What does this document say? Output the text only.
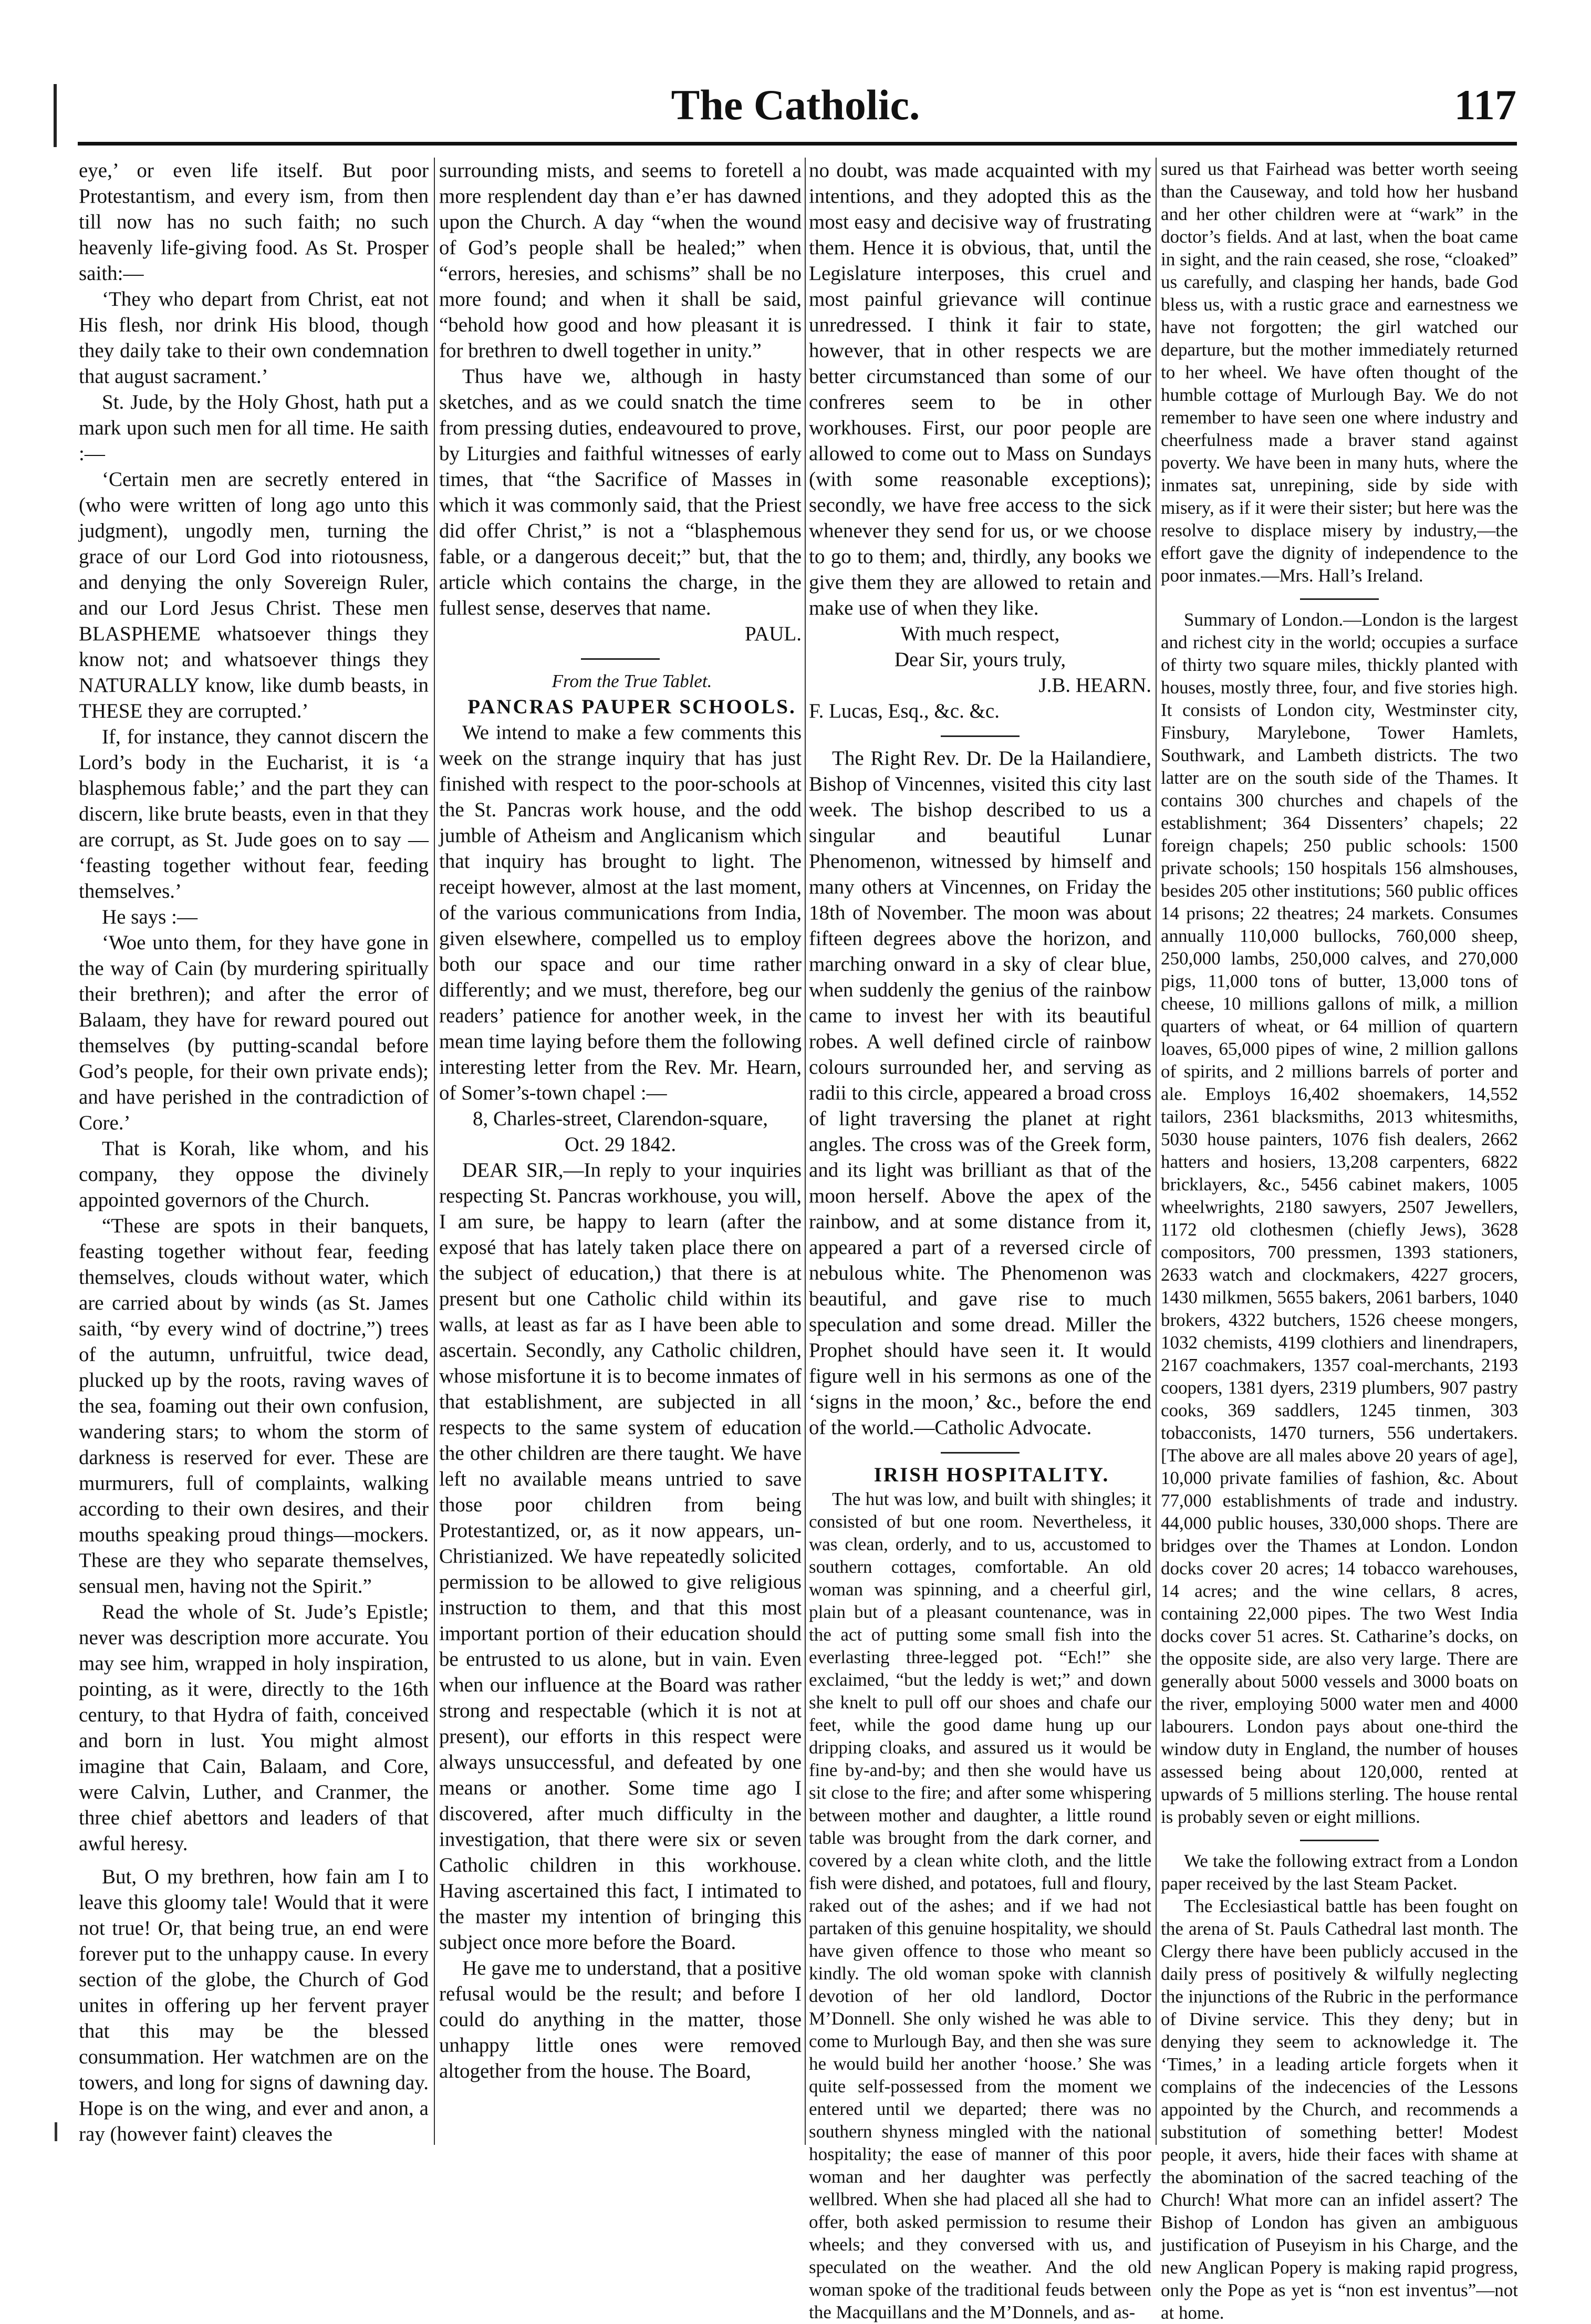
The Catholic.	117

eye,’ or even life itself. But poor Protestantism, and every ism, from then till now has no such faith; no such heavenly life-giving food. As St. Prosper saith:—

‘They who depart from Christ, eat not His flesh, nor drink His blood, though they daily take to their own condemnation that august sacrament.’

St. Jude, by the Holy Ghost, hath put a mark upon such men for all time. He saith :—

‘Certain men are secretly entered in (who were written of long ago unto this judgment), ungodly men, turning the grace of our Lord God into riotousness, and denying the only Sovereign Ruler, and our Lord Jesus Christ. These men BLASPHEME whatsoever things they know not; and whatsoever things they NATURALLY know, like dumb beasts, in THESE they are corrupted.’

If, for instance, they cannot discern the Lord’s body in the Eucharist, it is ‘a blasphemous fable;’ and the part they can discern, like brute beasts, even in that they are corrupt, as St. Jude goes on to say — ‘feasting together without fear, feeding themselves.’

He says :—

‘Woe unto them, for they have gone in the way of Cain (by murdering spiritually their brethren); and after the error of Balaam, they have for reward poured out themselves (by putting-scandal before God’s people, for their own private ends); and have perished in the contradiction of Core.’

That is Korah, like whom, and his company, they oppose the divinely appointed governors of the Church.

“These are spots in their banquets, feasting together without fear, feeding themselves, clouds without water, which are carried about by winds (as St. James saith, “by every wind of doctrine,”) trees of the autumn, unfruitful, twice dead, plucked up by the roots, raving waves of the sea, foaming out their own confusion, wandering stars; to whom the storm of darkness is reserved for ever. These are murmurers, full of complaints, walking according to their own desires, and their mouths speaking proud things—mockers. These are they who separate themselves, sensual men, having not the Spirit.”

Read the whole of St. Jude’s Epistle; never was description more accurate. You may see him, wrapped in holy inspiration, pointing, as it were, directly to the 16th century, to that Hydra of faith, conceived and born in lust. You might almost imagine that Cain, Balaam, and Core, were Calvin, Luther, and Cranmer, the three chief abettors and leaders of that awful heresy.

But, O my brethren, how fain am I to leave this gloomy tale! Would that it were not true! Or, that being true, an end were forever put to the unhappy cause. In every section of the globe, the Church of God unites in offering up her fervent prayer that this may be the blessed consummation. Her watchmen are on the towers, and long for signs of dawning day. Hope is on the wing, and ever and anon, a ray (however faint) cleaves the

surrounding mists, and seems to foretell a more resplendent day than e’er has dawned upon the Church. A day “when the wound of God’s people shall be healed;” when “errors, heresies, and schisms” shall be no more found; and when it shall be said, “behold how good and how pleasant it is for brethren to dwell together in unity.”

Thus have we, although in hasty sketches, and as we could snatch the time from pressing duties, endeavoured to prove, by Liturgies and faithful witnesses of early times, that “the Sacrifice of Masses in which it was commonly said, that the Priest did offer Christ,” is not a “blasphemous fable, or a dangerous deceit;” but, that the article which contains the charge, in the fullest sense, deserves that name.

PAUL.

From the True Tablet.

PANCRAS PAUPER SCHOOLS.

We intend to make a few comments this week on the strange inquiry that has just finished with respect to the poor-schools at the St. Pancras work house, and the odd jumble of Atheism and Anglicanism which that inquiry has brought to light. The receipt however, almost at the last moment, of the various communications from India, given elsewhere, compelled us to employ both our space and our time rather differently; and we must, therefore, beg our readers’ patience for another week, in the mean time laying before them the following interesting letter from the Rev. Mr. Hearn, of Somer’s-town chapel :—

8, Charles-street, Clarendon-square,

Oct. 29 1842.

DEAR SIR,—In reply to your inquiries respecting St. Pancras workhouse, you will, I am sure, be happy to learn (after the exposé that has lately taken place there on the subject of education,) that there is at present but one Catholic child within its walls, at least as far as I have been able to ascertain. Secondly, any Catholic children, whose misfortune it is to become inmates of that establishment, are subjected in all respects to the same system of education the other children are there taught. We have left no available means untried to save those poor children from being Protestantized, or, as it now appears, un-Christianized. We have repeatedly solicited permission to be allowed to give religious instruction to them, and that this most important portion of their education should be entrusted to us alone, but in vain. Even when our influence at the Board was rather strong and respectable (which it is not at present), our efforts in this respect were always unsuccessful, and defeated by one means or another. Some time ago I discovered, after much difficulty in the investigation, that there were six or seven Catholic children in this workhouse. Having ascertained this fact, I intimated to the master my intention of bringing this subject once more before the Board.

He gave me to understand, that a positive refusal would be the result; and before I could do anything in the matter, those unhappy little ones were removed altogether from the house. The Board,

no doubt, was made acquainted with my intentions, and they adopted this as the most easy and decisive way of frustrating them. Hence it is obvious, that, until the Legislature interposes, this cruel and most painful grievance will continue unredressed. I think it fair to state, however, that in other respects we are better circumstanced than some of our confreres seem to be in other workhouses. First, our poor people are allowed to come out to Mass on Sundays (with some reasonable exceptions); secondly, we have free access to the sick whenever they send for us, or we choose to go to them; and, thirdly, any books we give them they are allowed to retain and make use of when they like.

With much respect,

Dear Sir, yours truly,

J.B. HEARN.

F. Lucas, Esq., &c. &c.

The Right Rev. Dr. De la Hailandiere, Bishop of Vincennes, visited this city last week. The bishop described to us a singular and beautiful Lunar Phenomenon, witnessed by himself and many others at Vincennes, on Friday the 18th of November. The moon was about fifteen degrees above the horizon, and marching onward in a sky of clear blue, when suddenly the genius of the rainbow came to invest her with its beautiful robes. A well defined circle of rainbow colours surrounded her, and serving as radii to this circle, appeared a broad cross of light traversing the planet at right angles. The cross was of the Greek form, and its light was brilliant as that of the moon herself. Above the apex of the rainbow, and at some distance from it, appeared a part of a reversed circle of nebulous white. The Phenomenon was beautiful, and gave rise to much speculation and some dread. Miller the Prophet should have seen it. It would figure well in his sermons as one of the ‘signs in the moon,’ &c., before the end of the world.—Catholic Advocate.

IRISH HOSPITALITY.

The hut was low, and built with shingles; it consisted of but one room. Nevertheless, it was clean, orderly, and to us, accustomed to southern cottages, comfortable. An old woman was spinning, and a cheerful girl, plain but of a pleasant countenance, was in the act of putting some small fish into the everlasting three-legged pot. “Ech!” she exclaimed, “but the leddy is wet;” and down she knelt to pull off our shoes and chafe our feet, while the good dame hung up our dripping cloaks, and assured us it would be fine by-and-by; and then she would have us sit close to the fire; and after some whispering between mother and daughter, a little round table was brought from the dark corner, and covered by a clean white cloth, and the little fish were dished, and potatoes, full and floury, raked out of the ashes; and if we had not partaken of this genuine hospitality, we should have given offence to those who meant so kindly. The old woman spoke with clannish devotion of her old landlord, Doctor M’Donnell. She only wished he was able to come to Murlough Bay, and then she was sure he would build her another ‘hoose.’ She was quite self-possessed from the moment we entered until we departed; there was no southern shyness mingled with the national hospitality; the ease of manner of this poor woman and her daughter was perfectly wellbred. When she had placed all she had to offer, both asked permission to resume their wheels; and they conversed with us, and speculated on the weather. And the old woman spoke of the traditional feuds between the Macquillans and the M’Donnels, and as-

sured us that Fairhead was better worth seeing than the Causeway, and told how her husband and her other children were at “wark” in the doctor’s fields. And at last, when the boat came in sight, and the rain ceased, she rose, “cloaked” us carefully, and clasping her hands, bade God bless us, with a rustic grace and earnestness we have not forgotten; the girl watched our departure, but the mother immediately returned to her wheel. We have often thought of the humble cottage of Murlough Bay. We do not remember to have seen one where industry and cheerfulness made a braver stand against poverty. We have been in many huts, where the inmates sat, unrepining, side by side with misery, as if it were their sister; but here was the resolve to displace misery by industry,—the effort gave the dignity of independence to the poor inmates.—Mrs. Hall’s Ireland.

Summary of London.—London is the largest and richest city in the world; occupies a surface of thirty two square miles, thickly planted with houses, mostly three, four, and five stories high. It consists of London city, Westminster city, Finsbury, Marylebone, Tower Hamlets, Southwark, and Lambeth districts. The two latter are on the south side of the Thames. It contains 300 churches and chapels of the establishment; 364 Dissenters’ chapels; 22 foreign chapels; 250 public schools: 1500 private schools; 150 hospitals 156 almshouses, besides 205 other institutions; 560 public offices 14 prisons; 22 theatres; 24 markets. Consumes annually 110,000 bullocks, 760,000 sheep, 250,000 lambs, 250,000 calves, and 270,000 pigs, 11,000 tons of butter, 13,000 tons of cheese, 10 millions gallons of milk, a million quarters of wheat, or 64 million of quartern loaves, 65,000 pipes of wine, 2 million gallons of spirits, and 2 millions barrels of porter and ale. Employs 16,402 shoemakers, 14,552 tailors, 2361 blacksmiths, 2013 whitesmiths, 5030 house painters, 1076 fish dealers, 2662 hatters and hosiers, 13,208 carpenters, 6822 bricklayers, &c., 5456 cabinet makers, 1005 wheelwrights, 2180 sawyers, 2507 Jewellers, 1172 old clothesmen (chiefly Jews), 3628 compositors, 700 pressmen, 1393 stationers, 2633 watch and clockmakers, 4227 grocers, 1430 milkmen, 5655 bakers, 2061 barbers, 1040 brokers, 4322 butchers, 1526 cheese mongers, 1032 chemists, 4199 clothiers and linendrapers, 2167 coachmakers, 1357 coal-merchants, 2193 coopers, 1381 dyers, 2319 plumbers, 907 pastry cooks, 369 saddlers, 1245 tinmen, 303 tobacconists, 1470 turners, 556 undertakers. [The above are all males above 20 years of age], 10,000 private families of fashion, &c. About 77,000 establishments of trade and industry. 44,000 public houses, 330,000 shops. There are bridges over the Thames at London. London docks cover 20 acres; 14 tobacco warehouses, 14 acres; and the wine cellars, 8 acres, containing 22,000 pipes. The two West India docks cover 51 acres. St. Catharine’s docks, on the opposite side, are also very large. There are generally about 5000 vessels and 3000 boats on the river, employing 5000 water men and 4000 labourers. London pays about one-third the window duty in England, the number of houses assessed being about 120,000, rented at upwards of 5 millions sterling. The house rental is probably seven or eight millions.

We take the following extract from a London paper received by the last Steam Packet.

The Ecclesiastical battle has been fought on the arena of St. Pauls Cathedral last month. The Clergy there have been publicly accused in the daily press of positively & wilfully neglecting the injunctions of the Rubric in the performance of Divine service. This they deny; but in denying they seem to acknowledge it. The ‘Times,’ in a leading article forgets when it complains of the indecencies of the Lessons appointed by the Church, and recommends a substitution of something better! Modest people, it avers, hide their faces with shame at the abomination of the sacred teaching of the Church! What more can an infidel assert? The Bishop of London has given an ambiguous justification of Puseyism in his Charge, and the new Anglican Popery is making rapid progress, only the Pope as yet is “non est inventus”—not at home.
